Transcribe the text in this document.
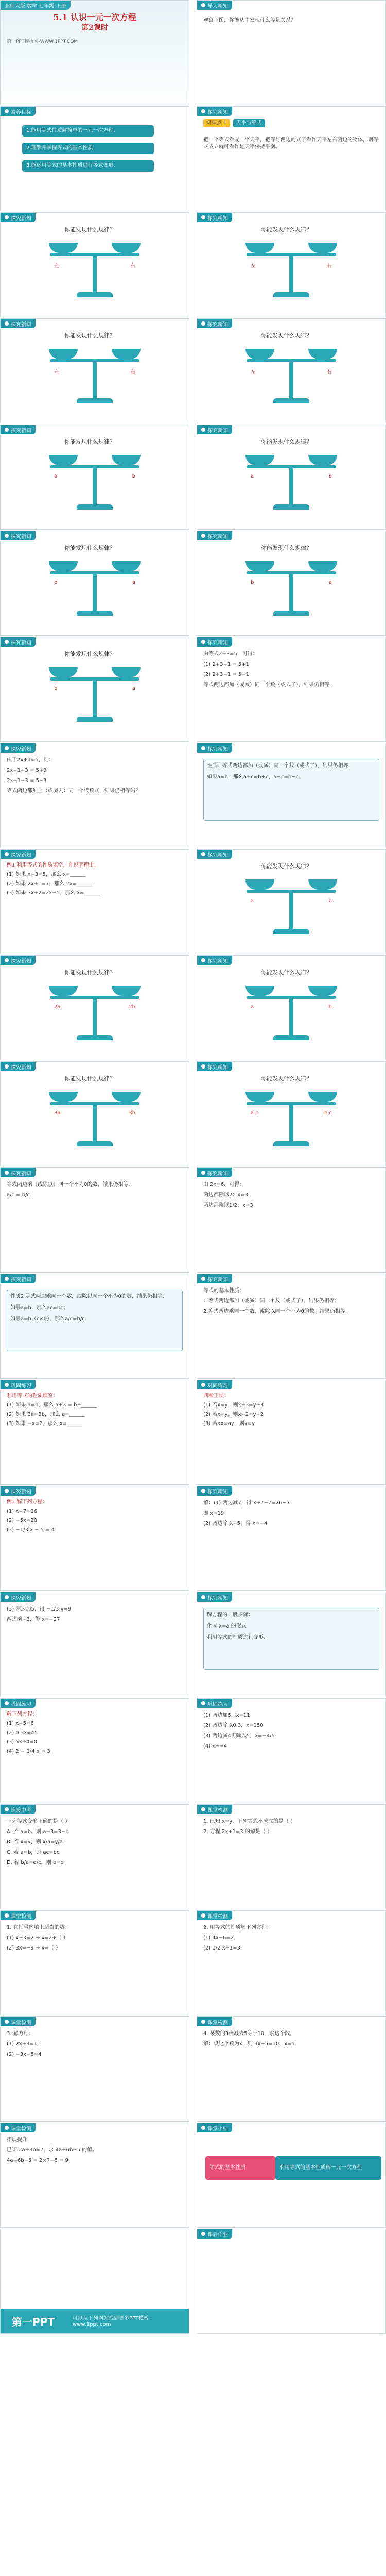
北师大版·数学·七年级·上册
5.1 认识一元一次方程
第2课时
第一PPT模板网-WWW.1PPT.COM
导入新知
观察下图，你能从中发现什么等量关系？
素养目标
1.能用等式性质解简单的一元一次方程.
2.理解并掌握等式的基本性质.
3.能运用等式的基本性质进行等式变形.
探究新知
知识点 1 天平与等式
把一个等式看成一个天平，把等号两边的式子看作天平左右两边的物体，则等式成立就可看作是天平保持平衡。
探究新知
你能发现什么规律？
左	右
探究新知
你能发现什么规律？
左	右
探究新知
你能发现什么规律？
左	右
探究新知
你能发现什么规律？
左	右
探究新知
你能发现什么规律？
a	b
探究新知
你能发现什么规律？
a	b
探究新知
你能发现什么规律？
b	a
探究新知
你能发现什么规律？
b	a
探究新知
你能发现什么规律？
b	a
探究新知
由等式2+3=5，可得：
(1) 2+3+1 = 5+1
(2) 2+3−1 = 5−1
等式两边都加（或减）同一个数（或式子），结果仍相等.
探究新知
由于2x+1=5，则：
2x+1+3 = 5+3
2x+1−3 = 5−3
等式两边都加上（或减去）同一个代数式，结果仍相等吗？
探究新知
性质1 等式两边都加（或减）同一个数（或式子），结果仍相等.
如果a=b，那么a+c=b+c，a−c=b−c.
探究新知
例1 利用等式的性质填空，并说明理由。
(1) 如果 x−3=5，那么 x=______
(2) 如果 2x+1=7，那么 2x=______
(3) 如果 3x+2=2x−5，那么 x=______
探究新知
你能发现什么规律？
a	b
探究新知
你能发现什么规律？
2a	2b
探究新知
你能发现什么规律？
a	b
探究新知
你能发现什么规律？
3a	3b
探究新知
你能发现什么规律？
a c	b c
探究新知
等式两边乘（或除以）同一个不为0的数，结果仍相等.
a/c = b/c
探究新知
由 2x=6，可得：
两边都除以2：x=3
两边都乘以1/2：x=3
探究新知
性质2 等式两边乘同一个数，或除以同一个不为0的数，结果仍相等.
如果a=b，那么ac=bc；
如果a=b（c≠0），那么a/c=b/c.
探究新知
等式的基本性质：
1.等式两边都加（或减）同一个数（或式子），结果仍相等；
2.等式两边乘同一个数，或除以同一个不为0的数，结果仍相等.
巩固练习
利用等式的性质填空：
(1) 如果 a=b，那么 a+3 = b+______
(2) 如果 3a=3b，那么 a=______
(3) 如果 −x=2，那么 x=______
巩固练习
判断正误：
(1) 若x=y，则x+3=y+3
(2) 若x=y，则x−2=y−2
(3) 若ax=ay，则x=y
探究新知
例2 解下列方程：
(1) x+7=26
(2) −5x=20
(3) −1/3 x − 5 = 4
探究新知
解：(1) 两边减7，得 x+7−7=26−7
即 x=19
(2) 两边除以−5，得 x=−4
探究新知
(3) 两边加5，得 −1/3 x=9
两边乘−3，得 x=−27
探究新知
解方程的一般步骤：
化成 x=a 的形式
利用等式的性质进行变形.
巩固练习
解下列方程：
(1) x−5=6
(2) 0.3x=45
(3) 5x+4=0
(4) 2 − 1/4 x = 3
巩固练习
(1) 两边加5，x=11
(2) 两边除以0.3，x=150
(3) 两边减4再除以5，x=−4/5
(4) x=−4
连接中考
下列等式变形正确的是（ ）
A. 若 a=b，则 a−3=3−b
B. 若 x=y，则 x/a=y/a
C. 若 a=b，则 ac=bc
D. 若 b/a=d/c，则 b=d
课堂检测
1. 已知 x=y，下列等式不成立的是（ ）
2. 方程 2x+1=3 的解是（ ）
课堂检测
1. 在括号内填上适当的数：
(1) x−3=2 → x=2+（ ）
(2) 3x=−9 → x=（ ）
课堂检测
2. 用等式的性质解下列方程：
(1) 4x−6=2
(2) 1/2 x+1=3
课堂检测
3. 解方程：
(1) 2x+3=11
(2) −3x−5=4
课堂检测
4. 某数的3倍减去5等于10，求这个数。
解：设这个数为x，则 3x−5=10，x=5
课堂检测
拓展提升
已知 2a+3b=7，求 4a+6b−5 的值。
4a+6b−5 = 2×7−5 = 9
课堂小结
等式的基本性质	利用等式的基本性质解一元一次方程
第一PPT	可以从下列网站找到更多PPT模板：www.1ppt.com
课后作业
